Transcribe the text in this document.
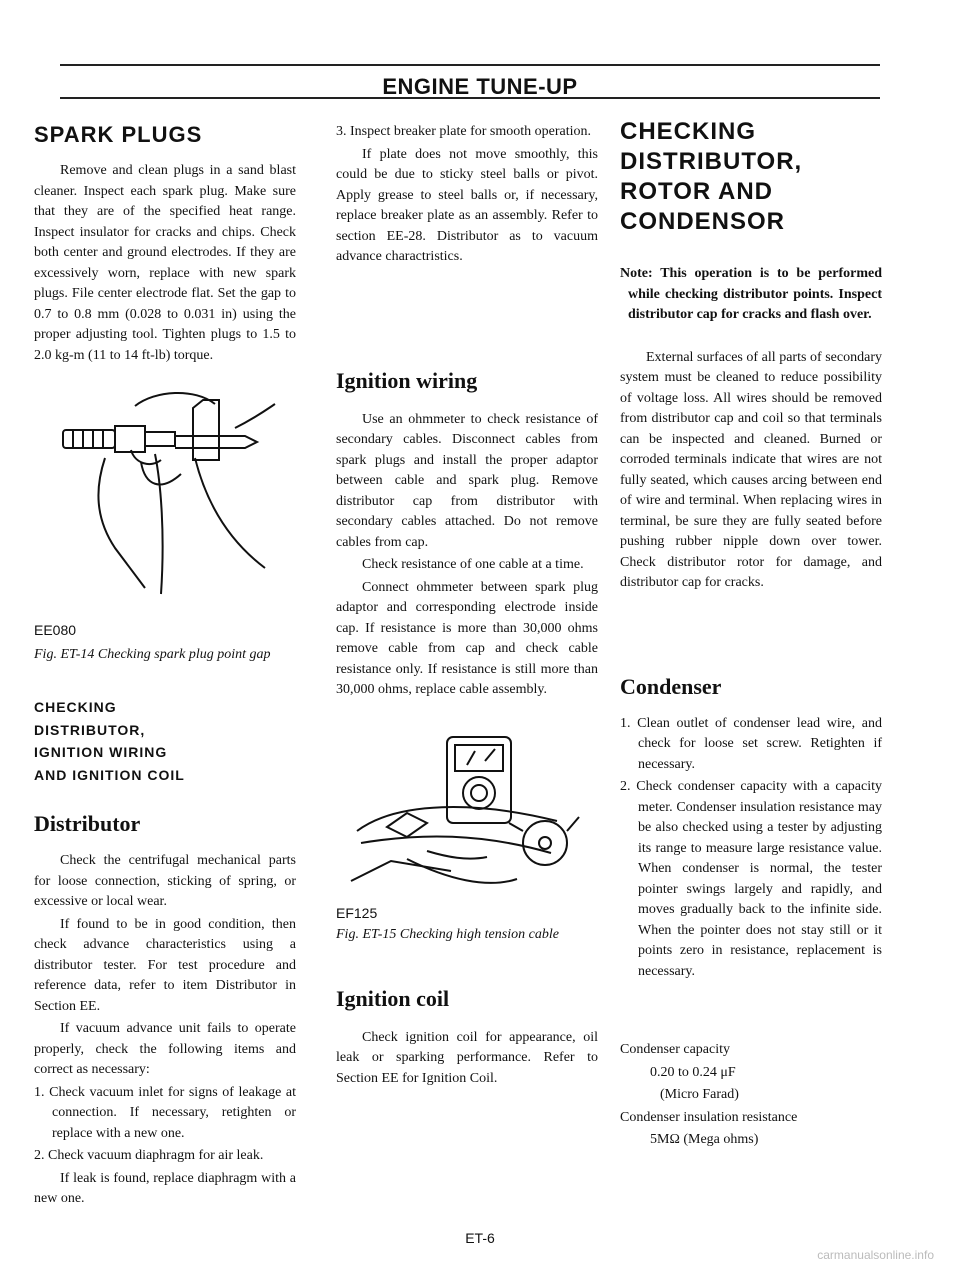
ENGINE TUNE-UP
SPARK PLUGS

Remove and clean plugs in a sand blast cleaner. Inspect each spark plug. Make sure that they are of the specified heat range. Inspect insulator for cracks and chips. Check both center and ground electrodes. If they are excessively worn, replace with new spark plugs. File center electrode flat. Set the gap to 0.7 to 0.8 mm (0.028 to 0.031 in) using the proper adjusting tool. Tighten plugs to 1.5 to 2.0 kg-m (11 to 14 ft-lb) torque.

EE080

Fig. ET-14 Checking spark plug point gap

CHECKING

DISTRIBUTOR,

IGNITION WIRING

AND IGNITION COIL

Distributor

Check the centrifugal mechanical parts for loose connection, sticking of spring, or excessive or local wear.

If found to be in good condition, then check advance characteristics using a distributor tester. For test procedure and reference data, refer to item Distributor in Section EE.

If vacuum advance unit fails to operate properly, check the following items and correct as necessary:

1. Check vacuum inlet for signs of leakage at connection. If necessary, retighten or replace with a new one.

2. Check vacuum diaphragm for air leak.

If leak is found, replace diaphragm with a new one.

3. Inspect breaker plate for smooth operation.

If plate does not move smoothly, this could be due to sticky steel balls or pivot. Apply grease to steel balls or, if necessary, replace breaker plate as an assembly. Refer to section EE-28. Distributor as to vacuum advance charactristics.

Ignition wiring

Use an ohmmeter to check resistance of secondary cables. Disconnect cables from spark plugs and install the proper adaptor between cable and spark plug. Remove distributor cap from distributor with secondary cables attached. Do not remove cables from cap.

Check resistance of one cable at a time.

Connect ohmmeter between spark plug adaptor and corresponding electrode inside cap. If resistance is more than 30,000 ohms remove cable from cap and check cable resistance only. If resistance is still more than 30,000 ohms, replace cable assembly.

EF125

Fig. ET-15 Checking high tension cable

Ignition coil

Check ignition coil for appearance, oil leak or sparking performance. Refer to Section EE for Ignition Coil.

CHECKING

DISTRIBUTOR,

ROTOR AND

CONDENSOR

Note: This operation is to be performed while checking distributor points. Inspect distributor cap for cracks and flash over.

External surfaces of all parts of secondary system must be cleaned to reduce possibility of voltage loss. All wires should be removed from distributor cap and coil so that terminals can be inspected and cleaned. Burned or corroded terminals indicate that wires are not fully seated, which causes arcing between end of wire and terminal. When replacing wires in terminal, be sure they are fully seated before pushing rubber nipple down over tower. Check distributor rotor for damage, and distributor cap for cracks.

Condenser

1. Clean outlet of condenser lead wire, and check for loose set screw. Retighten if necessary.

2. Check condenser capacity with a capacity meter. Condenser insulation resistance may be also checked using a tester by adjusting its range to measure large resistance value. When condenser is normal, the tester pointer swings largely and rapidly, and moves gradually back to the infinite side. When the pointer does not stay still or it points zero in resistance, replacement is necessary.

Condenser capacity

0.20 to 0.24 μF

(Micro Farad)

Condenser insulation resistance

5MΩ (Mega ohms)

ET-6
carmanualsonline.info
